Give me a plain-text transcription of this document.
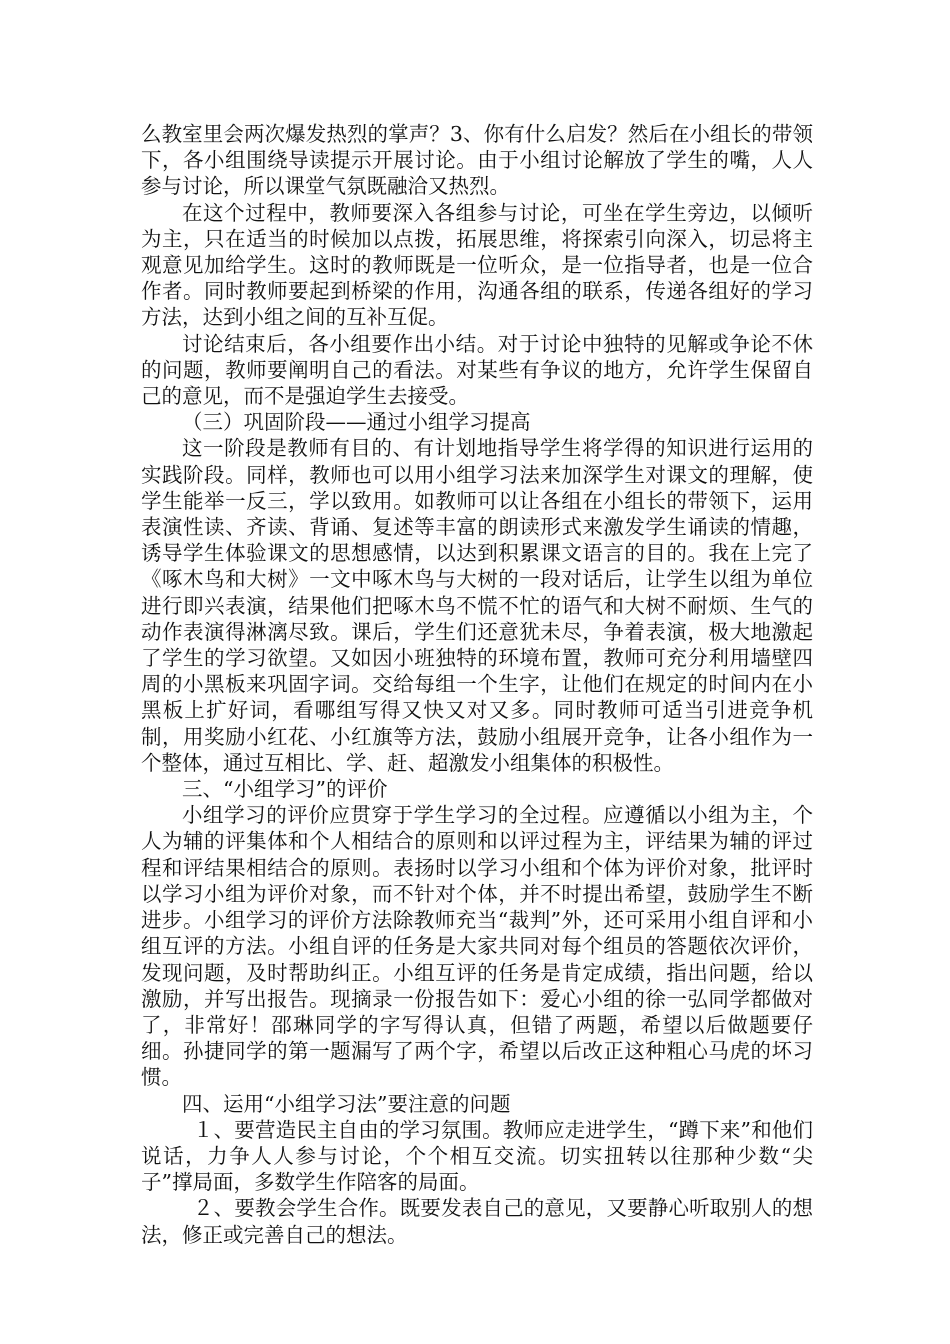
么教室里会两次爆发热烈的掌声？3、你有什么启发？然后在小组长的带领下，各小组围绕导读提示开展讨论。由于小组讨论解放了学生的嘴，人人参与讨论，所以课堂气氛既融洽又热烈。

在这个过程中，教师要深入各组参与讨论，可坐在学生旁边，以倾听为主，只在适当的时候加以点拨，拓展思维，将探索引向深入，切忌将主观意见加给学生。这时的教师既是一位听众，是一位指导者，也是一位合作者。同时教师要起到桥梁的作用，沟通各组的联系，传递各组好的学习方法，达到小组之间的互补互促。

讨论结束后，各小组要作出小结。对于讨论中独特的见解或争论不休的问题，教师要阐明自己的看法。对某些有争议的地方，允许学生保留自己的意见，而不是强迫学生去接受。

（三）巩固阶段——通过小组学习提高

这一阶段是教师有目的、有计划地指导学生将学得的知识进行运用的实践阶段。同样，教师也可以用小组学习法来加深学生对课文的理解，使学生能举一反三，学以致用。如教师可以让各组在小组长的带领下，运用表演性读、齐读、背诵、复述等丰富的朗读形式来激发学生诵读的情趣，诱导学生体验课文的思想感情，以达到积累课文语言的目的。我在上完了《啄木鸟和大树》一文中啄木鸟与大树的一段对话后，让学生以组为单位进行即兴表演，结果他们把啄木鸟不慌不忙的语气和大树不耐烦、生气的动作表演得淋漓尽致。课后，学生们还意犹未尽，争着表演，极大地激起了学生的学习欲望。又如因小班独特的环境布置，教师可充分利用墙壁四周的小黑板来巩固字词。交给每组一个生字，让他们在规定的时间内在小黑板上扩好词，看哪组写得又快又对又多。同时教师可适当引进竞争机制，用奖励小红花、小红旗等方法，鼓励小组展开竞争，让各小组作为一个整体，通过互相比、学、赶、超激发小组集体的积极性。

三、“小组学习”的评价

小组学习的评价应贯穿于学生学习的全过程。应遵循以小组为主，个人为辅的评集体和个人相结合的原则和以评过程为主，评结果为辅的评过程和评结果相结合的原则。表扬时以学习小组和个体为评价对象，批评时以学习小组为评价对象，而不针对个体，并不时提出希望，鼓励学生不断进步。小组学习的评价方法除教师充当“裁判”外，还可采用小组自评和小组互评的方法。小组自评的任务是大家共同对每个组员的答题依次评价，发现问题，及时帮助纠正。小组互评的任务是肯定成绩，指出问题，给以激励，并写出报告。现摘录一份报告如下：爱心小组的徐一弘同学都做对了，非常好！邵琳同学的字写得认真，但错了两题，希望以后做题要仔细。孙捷同学的第一题漏写了两个字，希望以后改正这种粗心马虎的坏习惯。

四、运用“小组学习法”要注意的问题

１、要营造民主自由的学习氛围。教师应走进学生，“蹲下来”和他们说话，力争人人参与讨论，个个相互交流。切实扭转以往那种少数“尖子”撑局面，多数学生作陪客的局面。

２、要教会学生合作。既要发表自己的意见，又要静心听取别人的想法，修正或完善自己的想法。
